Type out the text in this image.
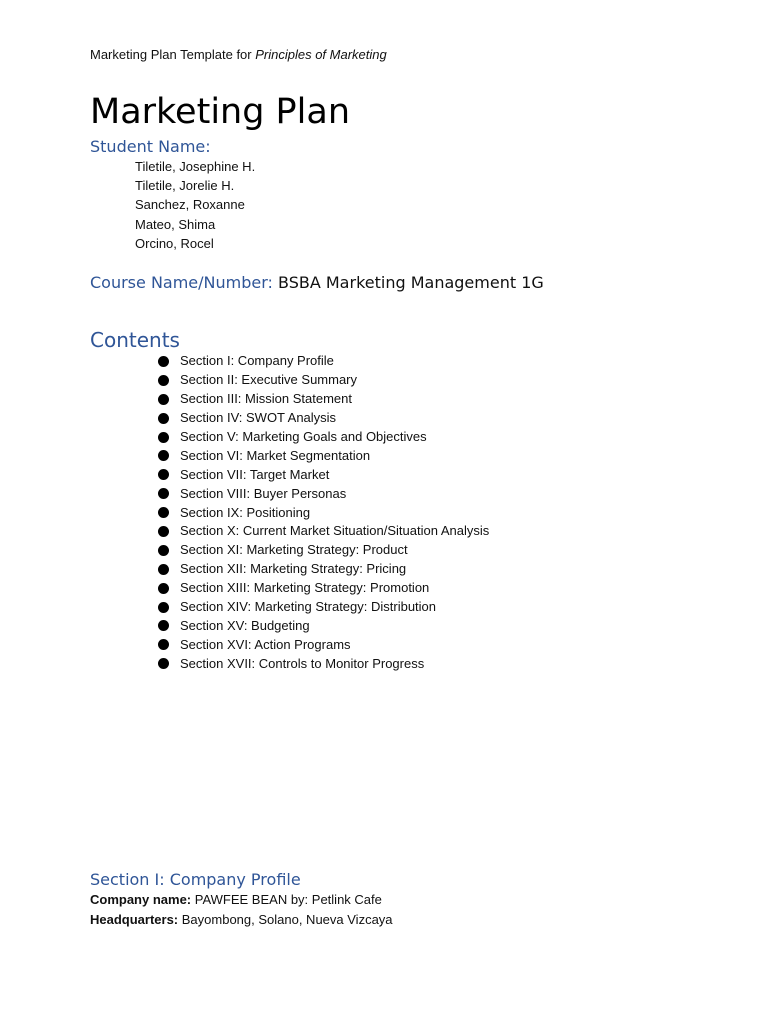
Marketing Plan Template for Principles of Marketing
Marketing Plan
Student Name:
Tiletile, Josephine H.
Tiletile, Jorelie H.
Sanchez, Roxanne
Mateo, Shima
Orcino, Rocel
Course Name/Number: BSBA Marketing Management 1G
Contents
Section I: Company Profile
Section II: Executive Summary
Section III: Mission Statement
Section IV: SWOT Analysis
Section V: Marketing Goals and Objectives
Section VI: Market Segmentation
Section VII: Target Market
Section VIII: Buyer Personas
Section IX: Positioning
Section X: Current Market Situation/Situation Analysis
Section XI: Marketing Strategy: Product
Section XII: Marketing Strategy: Pricing
Section XIII: Marketing Strategy: Promotion
Section XIV: Marketing Strategy: Distribution
Section XV: Budgeting
Section XVI: Action Programs
Section XVII: Controls to Monitor Progress
Section I: Company Profile
Company name: PAWFEE BEAN by: Petlink Cafe
Headquarters: Bayombong, Solano, Nueva Vizcaya
